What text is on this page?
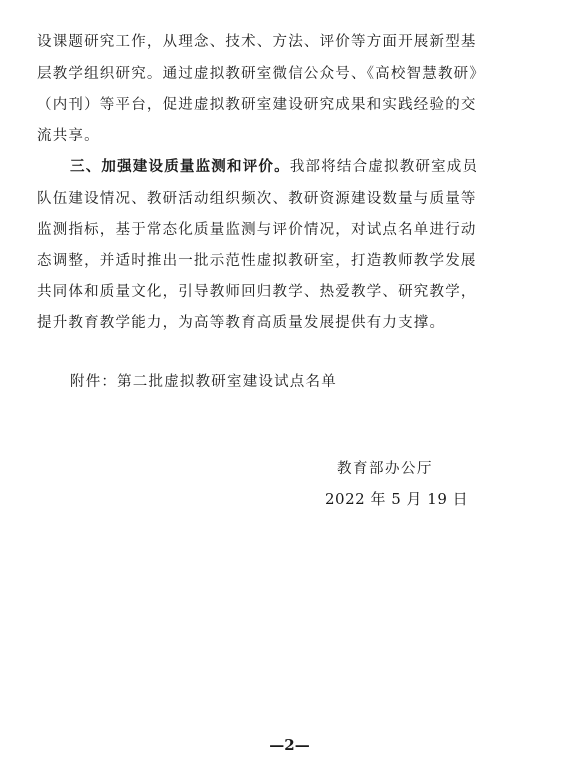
设课题研究工作，从理念、技术、方法、评价等方面开展新型基
层教学组织研究。通过虚拟教研室微信公众号、《高校智慧教研》
（内刊）等平台，促进虚拟教研室建设研究成果和实践经验的交
流共享。
三、加强建设质量监测和评价。我部将结合虚拟教研室成员
队伍建设情况、教研活动组织频次、教研资源建设数量与质量等
监测指标，基于常态化质量监测与评价情况，对试点名单进行动
态调整，并适时推出一批示范性虚拟教研室，打造教师教学发展
共同体和质量文化，引导教师回归教学、热爱教学、研究教学，
提升教育教学能力，为高等教育高质量发展提供有力支撑。
附件：第二批虚拟教研室建设试点名单
教育部办公厅
2022 年 5 月 19 日
—2—
